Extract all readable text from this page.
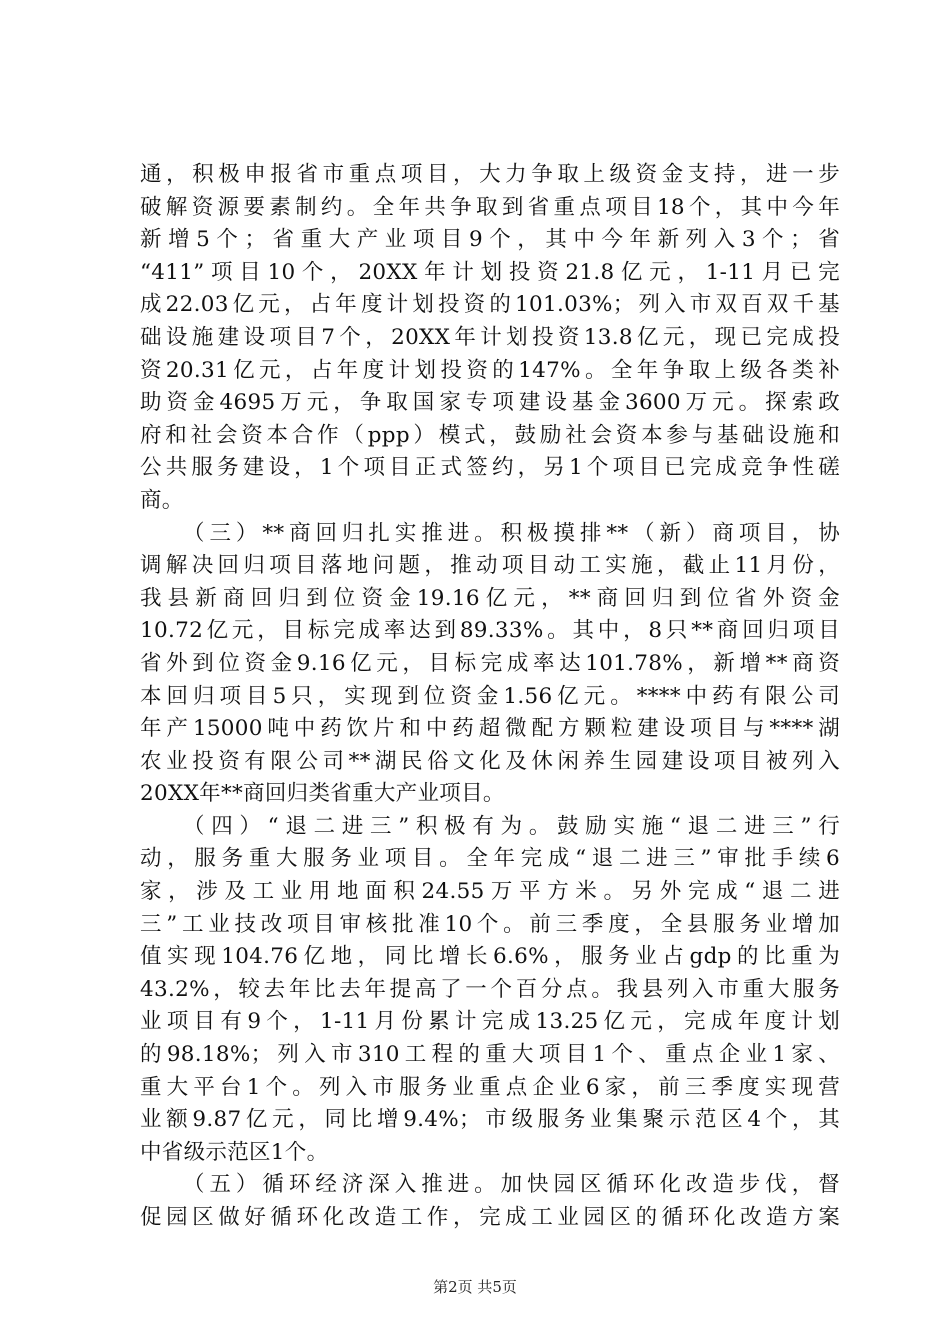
通，积极申报省市重点项目，大力争取上级资金支持，进一步
破解资源要素制约。全年共争取到省重点项目18个，其中今年
新增5个；省重大产业项目9个，其中今年新列入3个；省
“411”项目10个，20XX年计划投资21.8亿元，1-11月已完
成22.03亿元，占年度计划投资的101.03%；列入市双百双千基
础设施建设项目7个，20XX年计划投资13.8亿元，现已完成投
资20.31亿元，占年度计划投资的147%。全年争取上级各类补
助资金4695万元，争取国家专项建设基金3600万元。探索政
府和社会资本合作（ppp）模式，鼓励社会资本参与基础设施和
公共服务建设，1个项目正式签约，另1个项目已完成竞争性磋
商。
（三）**商回归扎实推进。积极摸排**（新）商项目，协
调解决回归项目落地问题，推动项目动工实施，截止11月份，
我县新商回归到位资金19.16亿元，**商回归到位省外资金
10.72亿元，目标完成率达到89.33%。其中，8只**商回归项目
省外到位资金9.16亿元，目标完成率达101.78%，新增**商资
本回归项目5只，实现到位资金1.56亿元。****中药有限公司
年产15000吨中药饮片和中药超微配方颗粒建设项目与****湖
农业投资有限公司**湖民俗文化及休闲养生园建设项目被列入
20XX年**商回归类省重大产业项目。
（四）“退二进三”积极有为。鼓励实施“退二进三”行
动，服务重大服务业项目。全年完成“退二进三”审批手续6
家，涉及工业用地面积24.55万平方米。另外完成“退二进
三”工业技改项目审核批准10个。前三季度，全县服务业增加
值实现104.76亿地，同比增长6.6%，服务业占gdp的比重为
43.2%，较去年比去年提高了一个百分点。我县列入市重大服务
业项目有9个，1-11月份累计完成13.25亿元，完成年度计划
的98.18%；列入市310工程的重大项目1个、重点企业1家、
重大平台1个。列入市服务业重点企业6家，前三季度实现营
业额9.87亿元，同比增9.4%；市级服务业集聚示范区4个，其
中省级示范区1个。
（五）循环经济深入推进。加快园区循环化改造步伐，督
促园区做好循环化改造工作，完成工业园区的循环化改造方案
第2页 共5页
